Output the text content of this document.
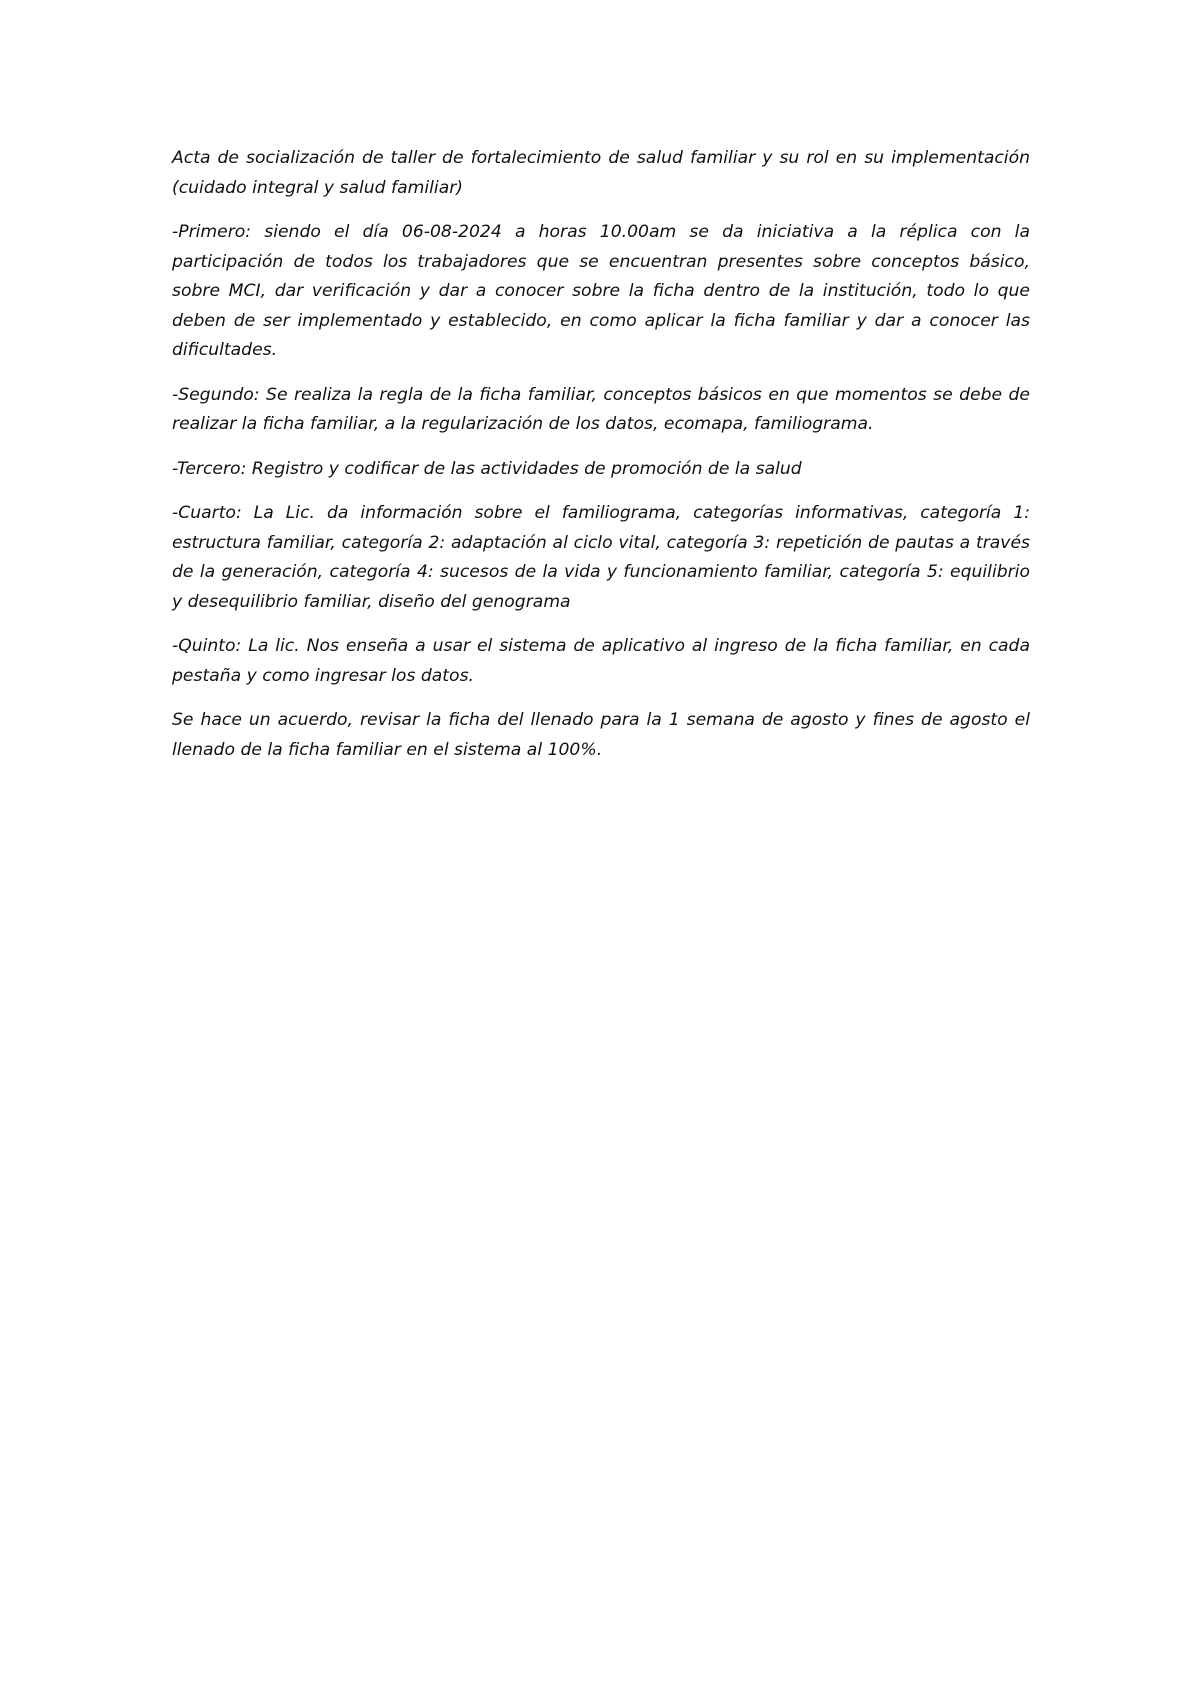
Acta de socialización de taller de fortalecimiento de salud familiar y su rol en su implementación (cuidado integral y salud familiar)

-Primero: siendo el día 06-08-2024 a horas 10.00am se da iniciativa a la réplica con la participación de todos los trabajadores que se encuentran presentes sobre conceptos básico, sobre MCI, dar verificación y dar a conocer sobre la ficha dentro de la institución, todo lo que deben de ser implementado y establecido, en como aplicar la ficha familiar y dar a conocer las dificultades.

-Segundo: Se realiza la regla de la ficha familiar, conceptos básicos en que momentos se debe de realizar la ficha familiar, a la regularización de los datos, ecomapa, familiograma.

-Tercero: Registro y codificar de las actividades de promoción de la salud

-Cuarto: La Lic. da información sobre el familiograma, categorías informativas, categoría 1: estructura familiar, categoría 2: adaptación al ciclo vital, categoría 3: repetición de pautas a través de la generación, categoría 4: sucesos de la vida y funcionamiento familiar, categoría 5: equilibrio y desequilibrio familiar, diseño del genograma

-Quinto: La lic. Nos enseña a usar el sistema de aplicativo al ingreso de la ficha familiar, en cada pestaña y como ingresar los datos.

Se hace un acuerdo, revisar la ficha del llenado para la 1 semana de agosto y fines de agosto el llenado de la ficha familiar en el sistema al 100%.
